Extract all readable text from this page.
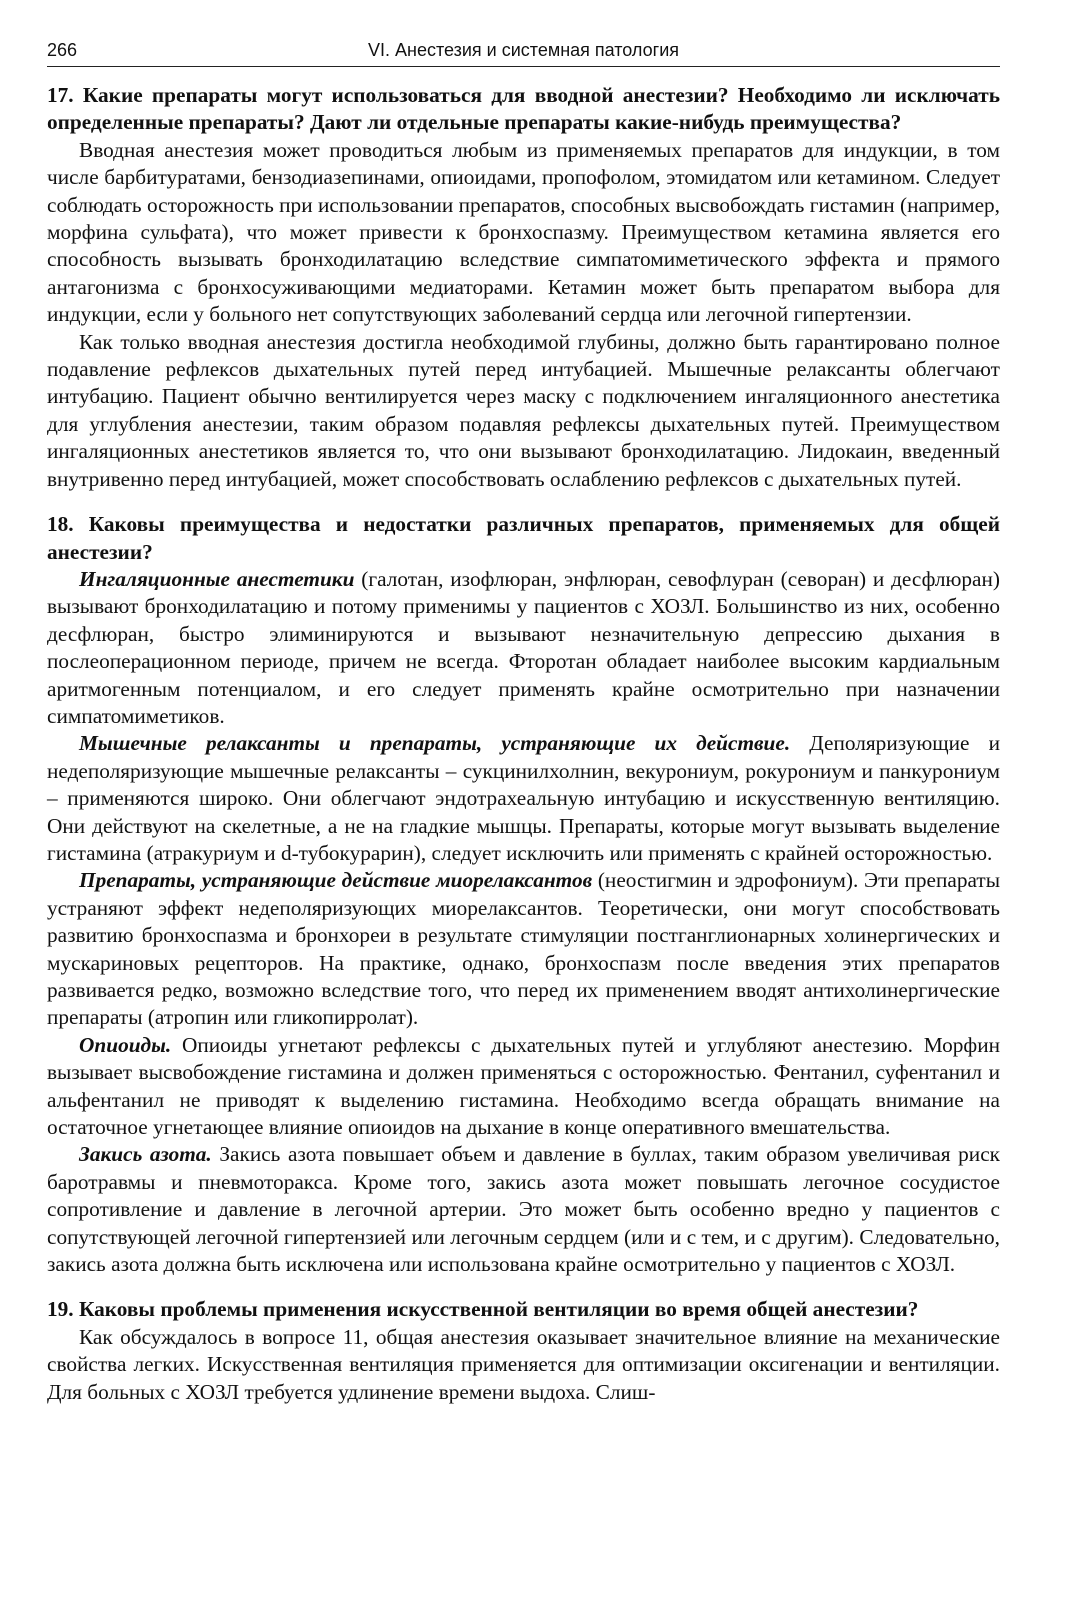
266	VI. Анестезия и системная патология

17. Какие препараты могут использоваться для вводной анестезии? Необходимо ли исключать определенные препараты? Дают ли отдельные препараты какие-нибудь преимущества?

Вводная анестезия может проводиться любым из применяемых препаратов для индукции, в том числе барбитуратами, бензодиазепинами, опиоидами, пропофолом, этомидатом или кетамином. Следует соблюдать осторожность при использовании препаратов, способных высвобождать гистамин (например, морфина сульфата), что может привести к бронхоспазму. Преимуществом кетамина является его способность вызывать бронходилатацию вследствие симпатомиметического эффекта и прямого антагонизма с бронхосуживающими медиаторами. Кетамин может быть препаратом выбора для индукции, если у больного нет сопутствующих заболеваний сердца или легочной гипертензии.

Как только вводная анестезия достигла необходимой глубины, должно быть гарантировано полное подавление рефлексов дыхательных путей перед интубацией. Мышечные релаксанты облегчают интубацию. Пациент обычно вентилируется через маску с подключением ингаляционного анестетика для углубления анестезии, таким образом подавляя рефлексы дыхательных путей. Преимуществом ингаляционных анестетиков является то, что они вызывают бронходилатацию. Лидокаин, введенный внутривенно перед интубацией, может способствовать ослаблению рефлексов с дыхательных путей.

18. Каковы преимущества и недостатки различных препаратов, применяемых для общей анестезии?

Ингаляционные анестетики (галотан, изофлюран, энфлюран, севофлуран (севоран) и десфлюран) вызывают бронходилатацию и потому применимы у пациентов с ХОЗЛ. Большинство из них, особенно десфлюран, быстро элиминируются и вызывают незначительную депрессию дыхания в послеоперационном периоде, причем не всегда. Фторотан обладает наиболее высоким кардиальным аритмогенным потенциалом, и его следует применять крайне осмотрительно при назначении симпатомиметиков.

Мышечные релаксанты и препараты, устраняющие их действие. Деполяризующие и недеполяризующие мышечные релаксанты – сукцинилхолнин, векурониум, рокурониум и панкурониум – применяются широко. Они облегчают эндотрахеальную интубацию и искусственную вентиляцию. Они действуют на скелетные, а не на гладкие мышцы. Препараты, которые могут вызывать выделение гистамина (атракуриум и d-тубокурарин), следует исключить или применять с крайней осторожностью.

Препараты, устраняющие действие миорелаксантов (неостигмин и эдрофониум). Эти препараты устраняют эффект недеполяризующих миорелаксантов. Теоретически, они могут способствовать развитию бронхоспазма и бронхореи в результате стимуляции постганглионарных холинергических и мускариновых рецепторов. На практике, однако, бронхоспазм после введения этих препаратов развивается редко, возможно вследствие того, что перед их применением вводят антихолинергические препараты (атропин или гликопирролат).

Опиоиды. Опиоиды угнетают рефлексы с дыхательных путей и углубляют анестезию. Морфин вызывает высвобождение гистамина и должен применяться с осторожностью. Фентанил, суфентанил и альфентанил не приводят к выделению гистамина. Необходимо всегда обращать внимание на остаточное угнетающее влияние опиоидов на дыхание в конце оперативного вмешательства.

Закись азота. Закись азота повышает объем и давление в буллах, таким образом увеличивая риск баротравмы и пневмоторакса. Кроме того, закись азота может повышать легочное сосудистое сопротивление и давление в легочной артерии. Это может быть особенно вредно у пациентов с сопутствующей легочной гипертензией или легочным сердцем (или и с тем, и с другим). Следовательно, закись азота должна быть исключена или использована крайне осмотрительно у пациентов с ХОЗЛ.

19. Каковы проблемы применения искусственной вентиляции во время общей анестезии?

Как обсуждалось в вопросе 11, общая анестезия оказывает значительное влияние на механические свойства легких. Искусственная вентиляция применяется для оптимизации оксигенации и вентиляции. Для больных с ХОЗЛ требуется удлинение времени выдоха. Слиш-
